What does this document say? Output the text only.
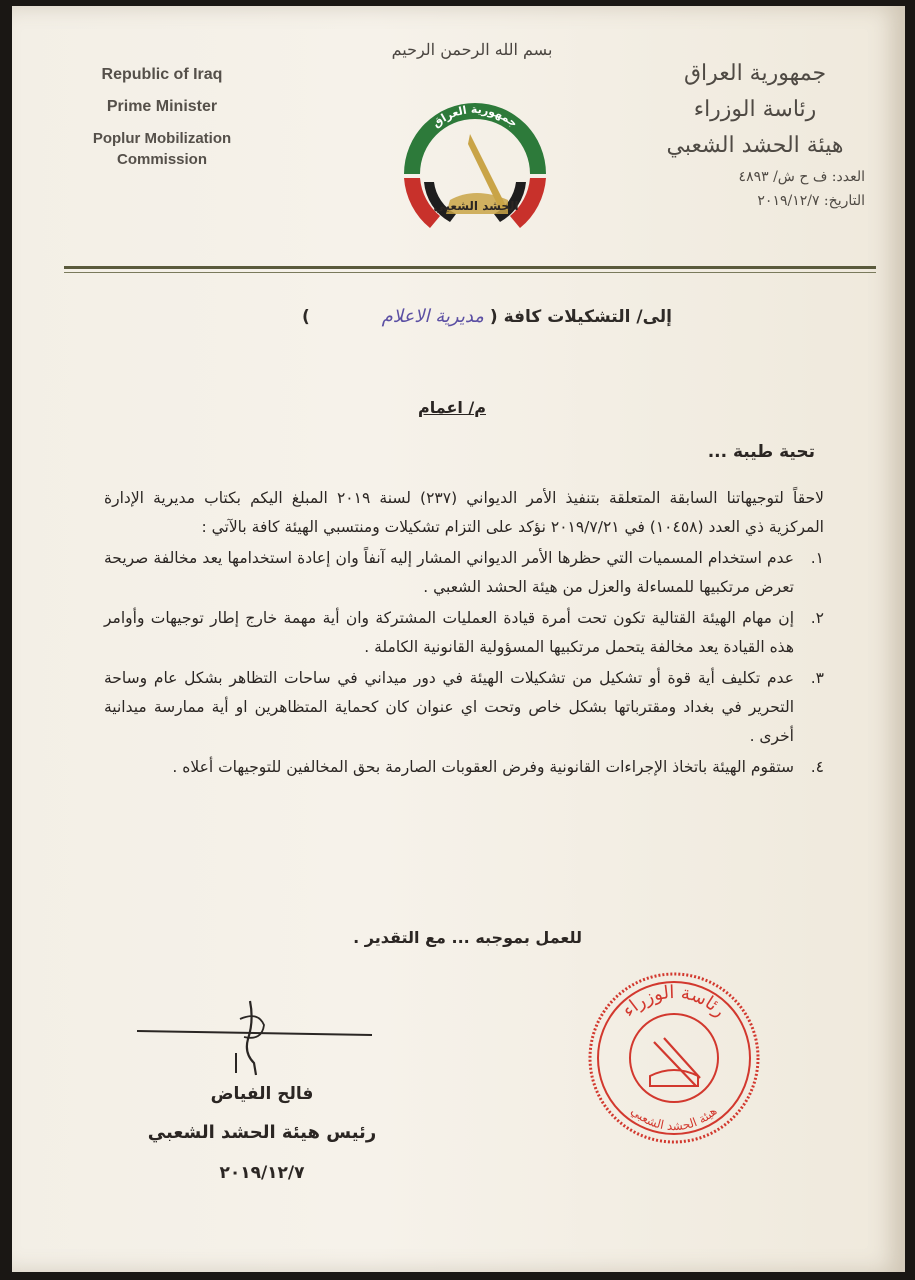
بسم الله الرحمن الرحيم
Republic of Iraq
Prime Minister
Poplur Mobilization
Commission
جمهورية العراق
الحشد الشعبي
جمهورية العراق
رئاسة الوزراء
هيئة الحشد الشعبي
العدد: ف ح ش/ ٤٨٩٣
التاريخ: ٢٠١٩/١٢/٧
إلى/ التشكيلات كافة ( مديرية الاعلام  )
م/ اعمام
تحية طيبة ...

لاحقاً لتوجيهاتنا السابقة المتعلقة بتنفيذ الأمر الديواني (٢٣٧) لسنة ٢٠١٩ المبلغ اليكم بكتاب مديرية الإدارة المركزية ذي العدد (١٠٤٥٨) في ٢٠١٩/٧/٢١ نؤكد على التزام تشكيلات ومنتسبي الهيئة كافة بالآتي :

١.
عدم استخدام المسميات التي حظرها الأمر الديواني المشار إليه آنفاً وان إعادة استخدامها يعد مخالفة صريحة تعرض مرتكبيها للمساءلة والعزل من هيئة الحشد الشعبي .
٢.
إن مهام الهيئة القتالية تكون تحت أمرة قيادة العمليات المشتركة وان أية مهمة خارج إطار توجيهات وأوامر هذه القيادة يعد مخالفة يتحمل مرتكبيها المسؤولية القانونية الكاملة .
٣.
عدم تكليف أية قوة أو تشكيل من تشكيلات الهيئة في دور ميداني في ساحات التظاهر بشكل عام وساحة التحرير في بغداد ومقترباتها بشكل خاص وتحت اي عنوان كان كحماية المتظاهرين او أية ممارسة ميدانية أخرى .
٤.
ستقوم الهيئة باتخاذ الإجراءات القانونية وفرض العقوبات الصارمة بحق المخالفين للتوجيهات أعلاه .
للعمل بموجبه ... مع التقدير .
فالح الفياض
رئيس هيئة الحشد الشعبي
٢٠١٩/١٢/٧
رئاسة الوزراء
هيئة الحشد الشعبي
